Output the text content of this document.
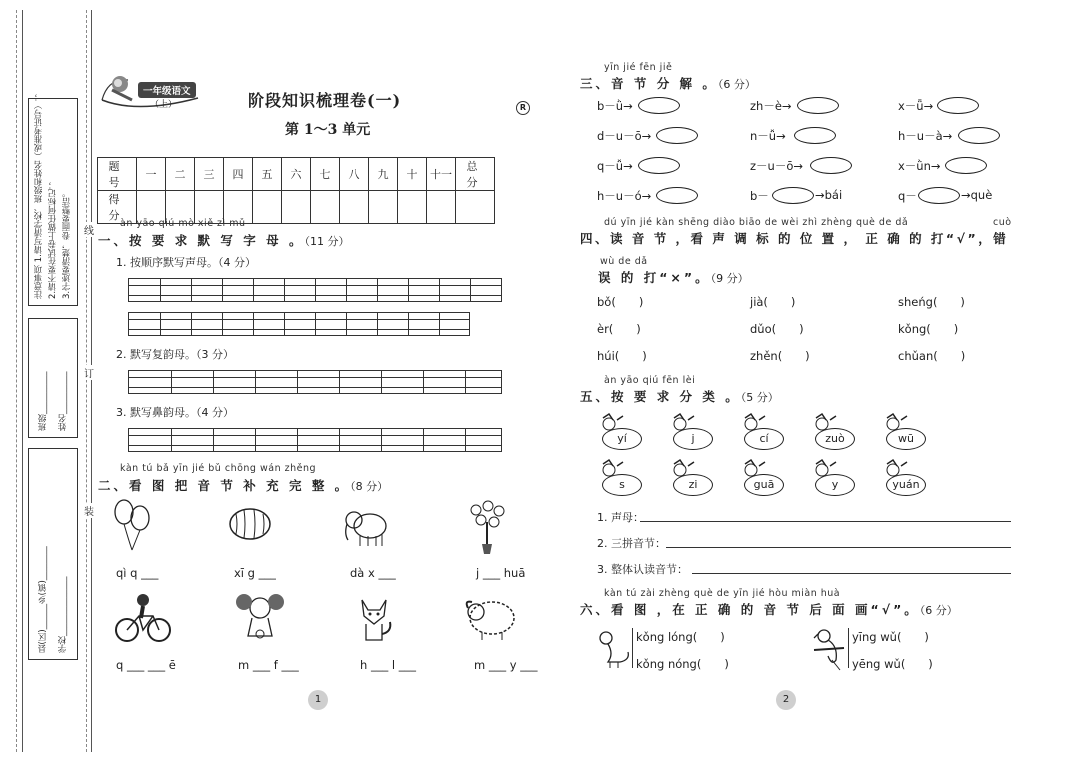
注意事项 1.请写清学校、班级和姓名（或准考证号）； 2.请不要在试卷上做任何标记； 3.字迹要清楚，卷面要整洁。
班级__________
姓名__________
县(区)______乡(镇)________
学校______________
线
订
装
一年级语文
（上）	阶段知识梳理卷(一)	R
第 1～3 单元
题　号	一	二	三	四	五	六	七	八	九	十	十一	总　分
得　分												
àn yāo qiú mò xiě zì mǔ
一、按 要 求 默 写 字 母 。（11 分）
1. 按顺序默写声母。（4 分）
2. 默写复韵母。（3 分）
3. 默写鼻韵母。（4 分）
kàn tú bǎ yīn jié bǔ chōng wán zhěng
二、看 图 把 音 节 补 充 完 整 。（8 分）
qì q ___	xī g ___	dà x ___	j ___ huā
q ___ ___ ē	m ___ f ___	h ___ l ___	m ___ y ___
1
yīn jié fēn jiě
三、音 节 分 解 。（6 分）
b－ǜ→	zh－è→	x－ǖ→
d－u－ō→	n－ǚ→	h－u－à→
q－ǚ→	z－u－ō→	x－ǜn→
h－u－ó→	b－	→bái	q－	→què
dú yīn jié kàn shēng diào biāo de wèi zhì zhèng què de dǎ	cuò
四、读 音 节 ，看 声 调 标 的 位 置 ， 正 确 的 打“√”，错
wù de dǎ
误 的 打“×”。（9 分）
bǒ(　　)	jià(　　)	sheńg(　　)
èr(　　)	dǔo(　　)	kǒng(　　)
húi(　　)	zhěn(　　)	chǔan(　　)
àn yāo qiú fēn lèi
五、按 要 求 分 类 。（5 分）
yí	j	cí	zuò	wū
s	zi	guā	y	yuán
1. 声母：
2. 三拼音节：
3. 整体认读音节：
kàn tú zài zhèng què de yīn jié hòu miàn huà
六、看 图 ，在 正 确 的 音 节 后 面 画“√”。（6 分）
kǒng lóng(　　)
kǒng nóng(　　)
yīng wǔ(　　)
yēng wǔ(　　)
2
